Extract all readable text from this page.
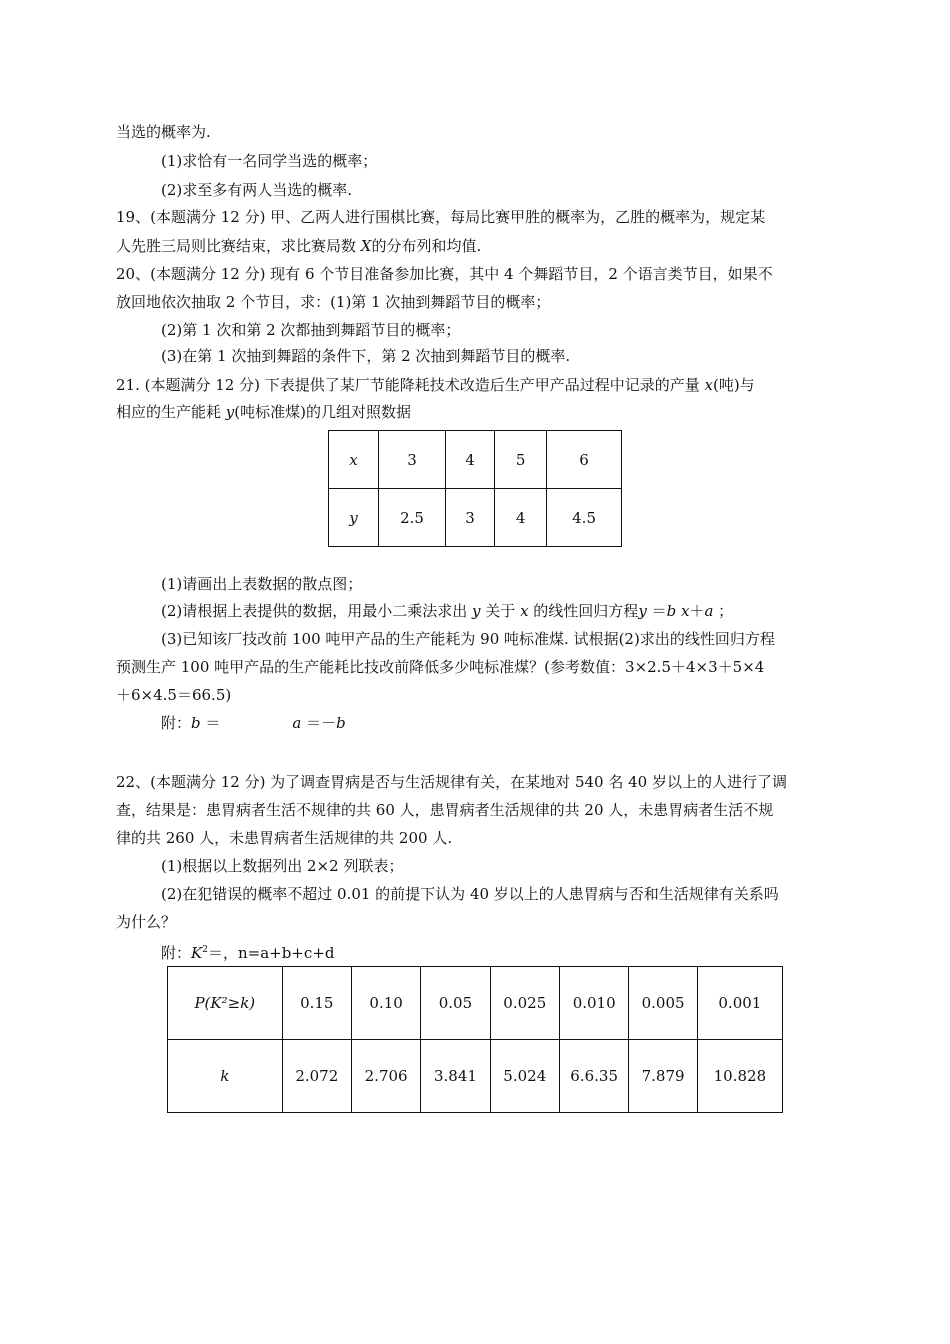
当选的概率为.
(1)求恰有一名同学当选的概率；
(2)求至多有两人当选的概率.
19、(本题满分 12 分) 甲、乙两人进行围棋比赛，每局比赛甲胜的概率为，乙胜的概率为，规定某
人先胜三局则比赛结束，求比赛局数 X的分布列和均值.
20、(本题满分 12 分) 现有 6 个节目准备参加比赛，其中 4 个舞蹈节目，2 个语言类节目，如果不
放回地依次抽取 2 个节目，求：(1)第 1 次抽到舞蹈节目的概率；
(2)第 1 次和第 2 次都抽到舞蹈节目的概率；
(3)在第 1 次抽到舞蹈的条件下，第 2 次抽到舞蹈节目的概率.
21. (本题满分 12 分) 下表提供了某厂节能降耗技术改造后生产甲产品过程中记录的产量 x(吨)与
相应的生产能耗 y(吨标准煤)的几组对照数据
x	3	4	5	6
y	2.5	3	4	4.5
(1)请画出上表数据的散点图；
(2)请根据上表提供的数据，用最小二乘法求出 y 关于 x 的线性回归方程y ＝b x＋a ；
(3)已知该厂技改前 100 吨甲产品的生产能耗为 90 吨标准煤. 试根据(2)求出的线性回归方程
预测生产 100 吨甲产品的生产能耗比技改前降低多少吨标准煤？(参考数值：3×2.5＋4×3＋5×4
＋6×4.5＝66.5)
附：b ＝	a ＝－b
22、(本题满分 12 分) 为了调查胃病是否与生活规律有关，在某地对 540 名 40 岁以上的人进行了调
查，结果是：患胃病者生活不规律的共 60 人，患胃病者生活规律的共 20 人，未患胃病者生活不规
律的共 260 人，未患胃病者生活规律的共 200 人.
(1)根据以上数据列出 2×2 列联表；
(2)在犯错误的概率不超过 0.01 的前提下认为 40 岁以上的人患胃病与否和生活规律有关系吗
为什么？
附：$K^2=$，n=a+b+c+d
P(K²≥k)	0.15	0.10	0.05	0.025	0.010	0.005	0.001
k	2.072	2.706	3.841	5.024	6.6.35	7.879	10.828
